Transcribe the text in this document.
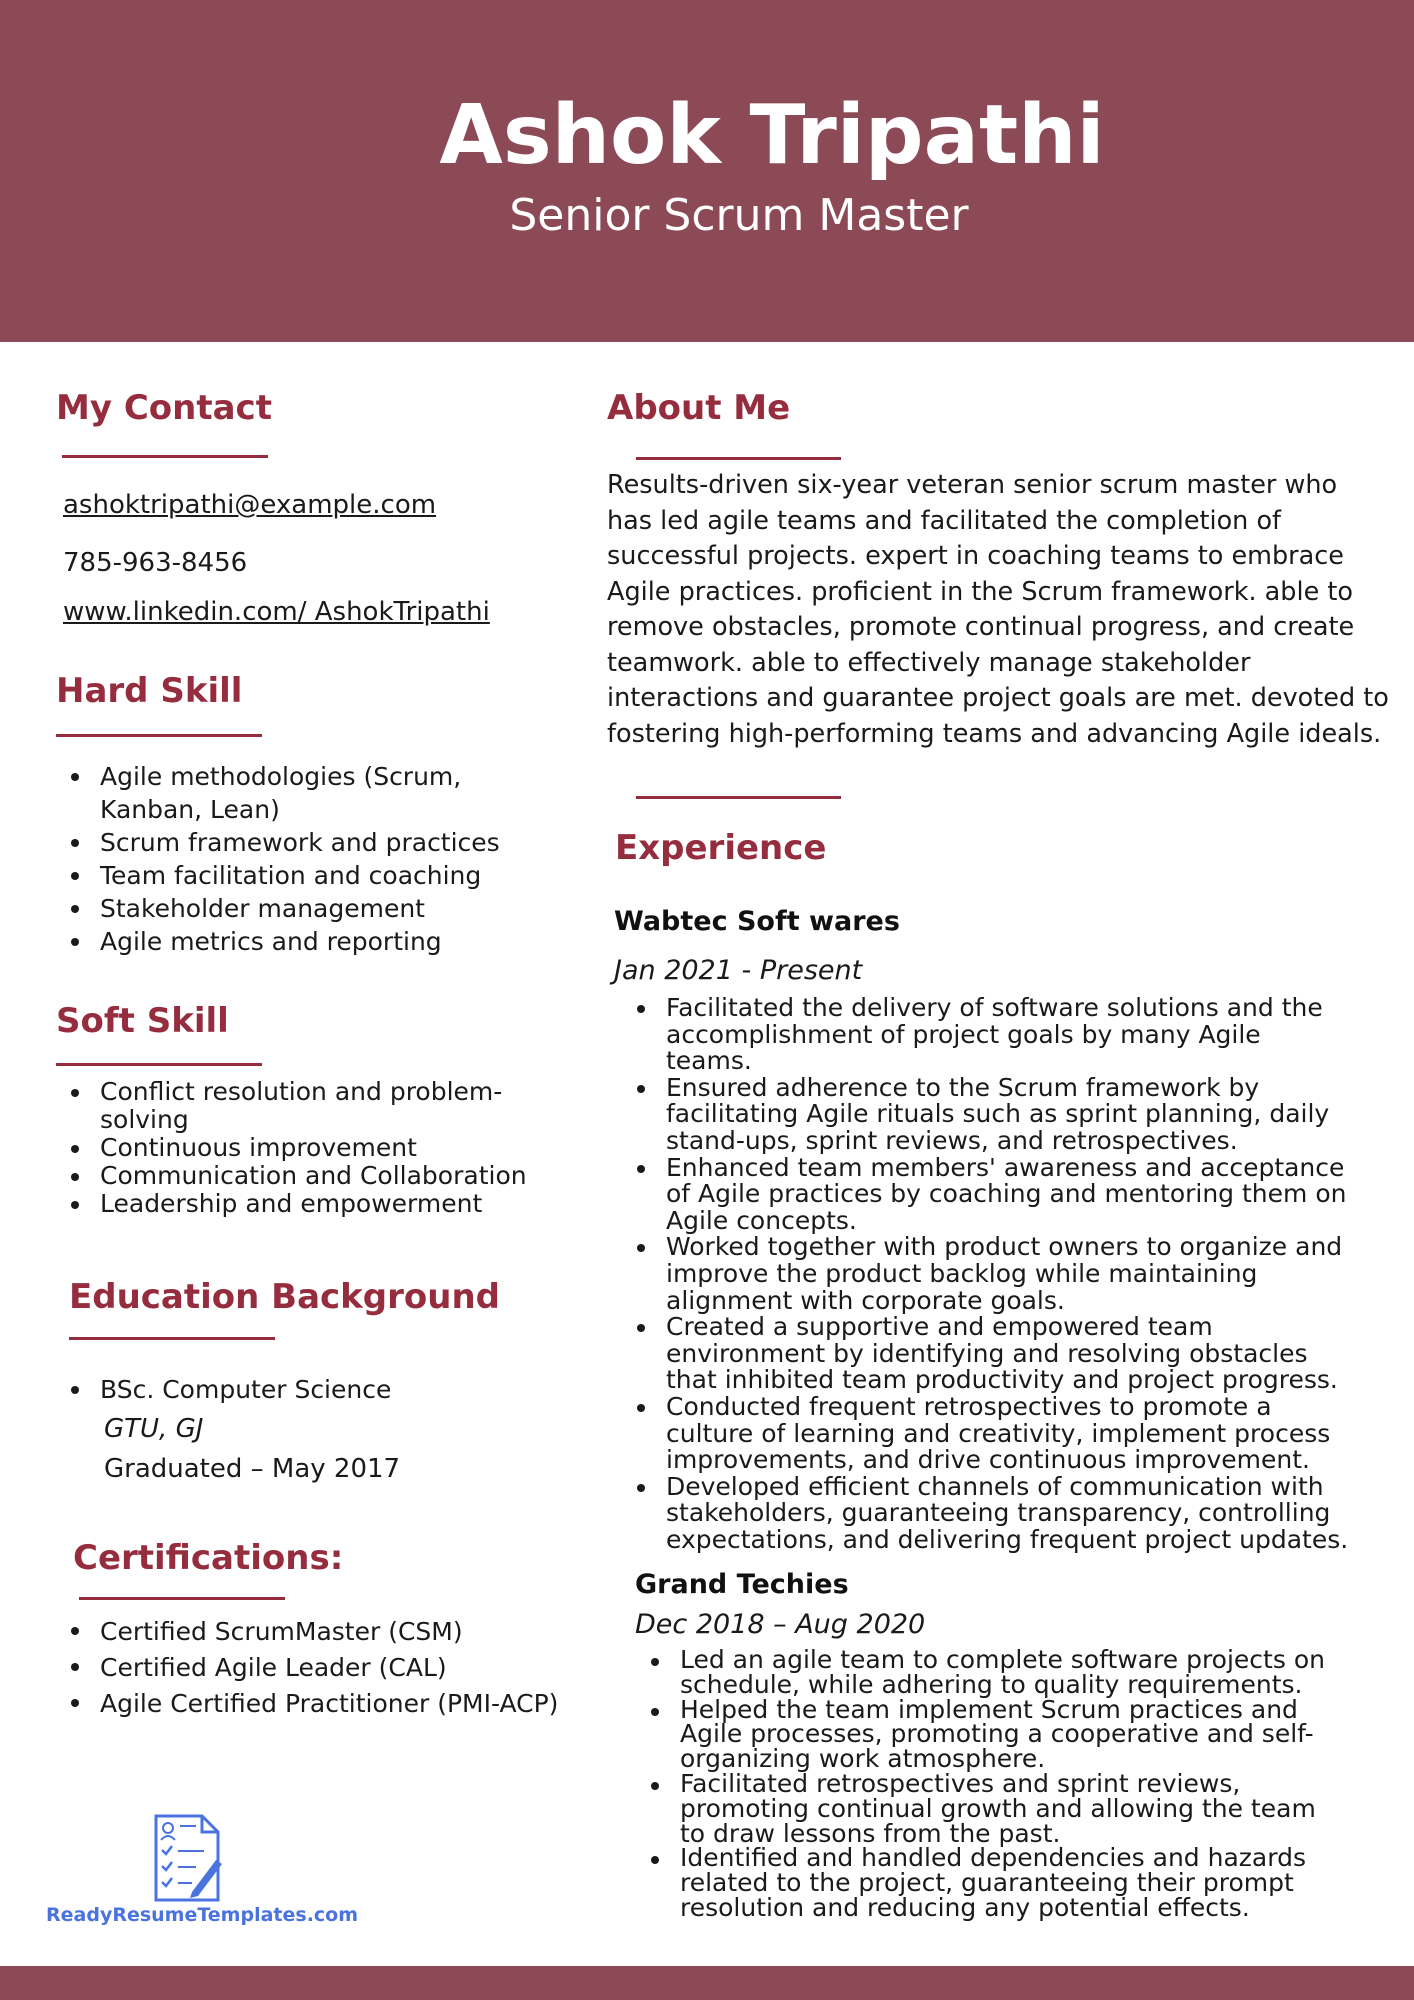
Ashok Tripathi
Senior Scrum Master
My Contact
ashoktripathi@example.com
785-963-8456
www.linkedin.com/ AshokTripathi
Hard Skill
Agile methodologies (Scrum,
Kanban, Lean)
Scrum framework and practices
Team facilitation and coaching
Stakeholder management
Agile metrics and reporting
Soft Skill
Conflict resolution and problem-
solving
Continuous improvement
Communication and Collaboration
Leadership and empowerment
Education Background
BSc. Computer Science
GTU, GJ
Graduated – May 2017
Certifications:
Certified ScrumMaster (CSM)
Certified Agile Leader (CAL)
Agile Certified Practitioner (PMI-ACP)
ReadyResumeTemplates.com
About Me
Results-driven six-year veteran senior scrum master who has led agile teams and facilitated the completion of successful projects. expert in coaching teams to embrace Agile practices. proficient in the Scrum framework. able to remove obstacles, promote continual progress, and create teamwork. able to effectively manage stakeholder interactions and guarantee project goals are met. devoted to fostering high-performing teams and advancing Agile ideals.
Experience
Wabtec Soft wares
Jan 2021 - Present
Facilitated the delivery of software solutions and the
accomplishment of project goals by many Agile
teams.
Ensured adherence to the Scrum framework by
facilitating Agile rituals such as sprint planning, daily
stand-ups, sprint reviews, and retrospectives.
Enhanced team members' awareness and acceptance
of Agile practices by coaching and mentoring them on
Agile concepts.
Worked together with product owners to organize and
improve the product backlog while maintaining
alignment with corporate goals.
Created a supportive and empowered team
environment by identifying and resolving obstacles
that inhibited team productivity and project progress.
Conducted frequent retrospectives to promote a
culture of learning and creativity, implement process
improvements, and drive continuous improvement.
Developed efficient channels of communication with
stakeholders, guaranteeing transparency, controlling
expectations, and delivering frequent project updates.
Grand Techies
Dec 2018 – Aug 2020
Led an agile team to complete software projects on
schedule, while adhering to quality requirements.
Helped the team implement Scrum practices and
Agile processes, promoting a cooperative and self-
organizing work atmosphere.
Facilitated retrospectives and sprint reviews,
promoting continual growth and allowing the team
to draw lessons from the past.
Identified and handled dependencies and hazards
related to the project, guaranteeing their prompt
resolution and reducing any potential effects.
